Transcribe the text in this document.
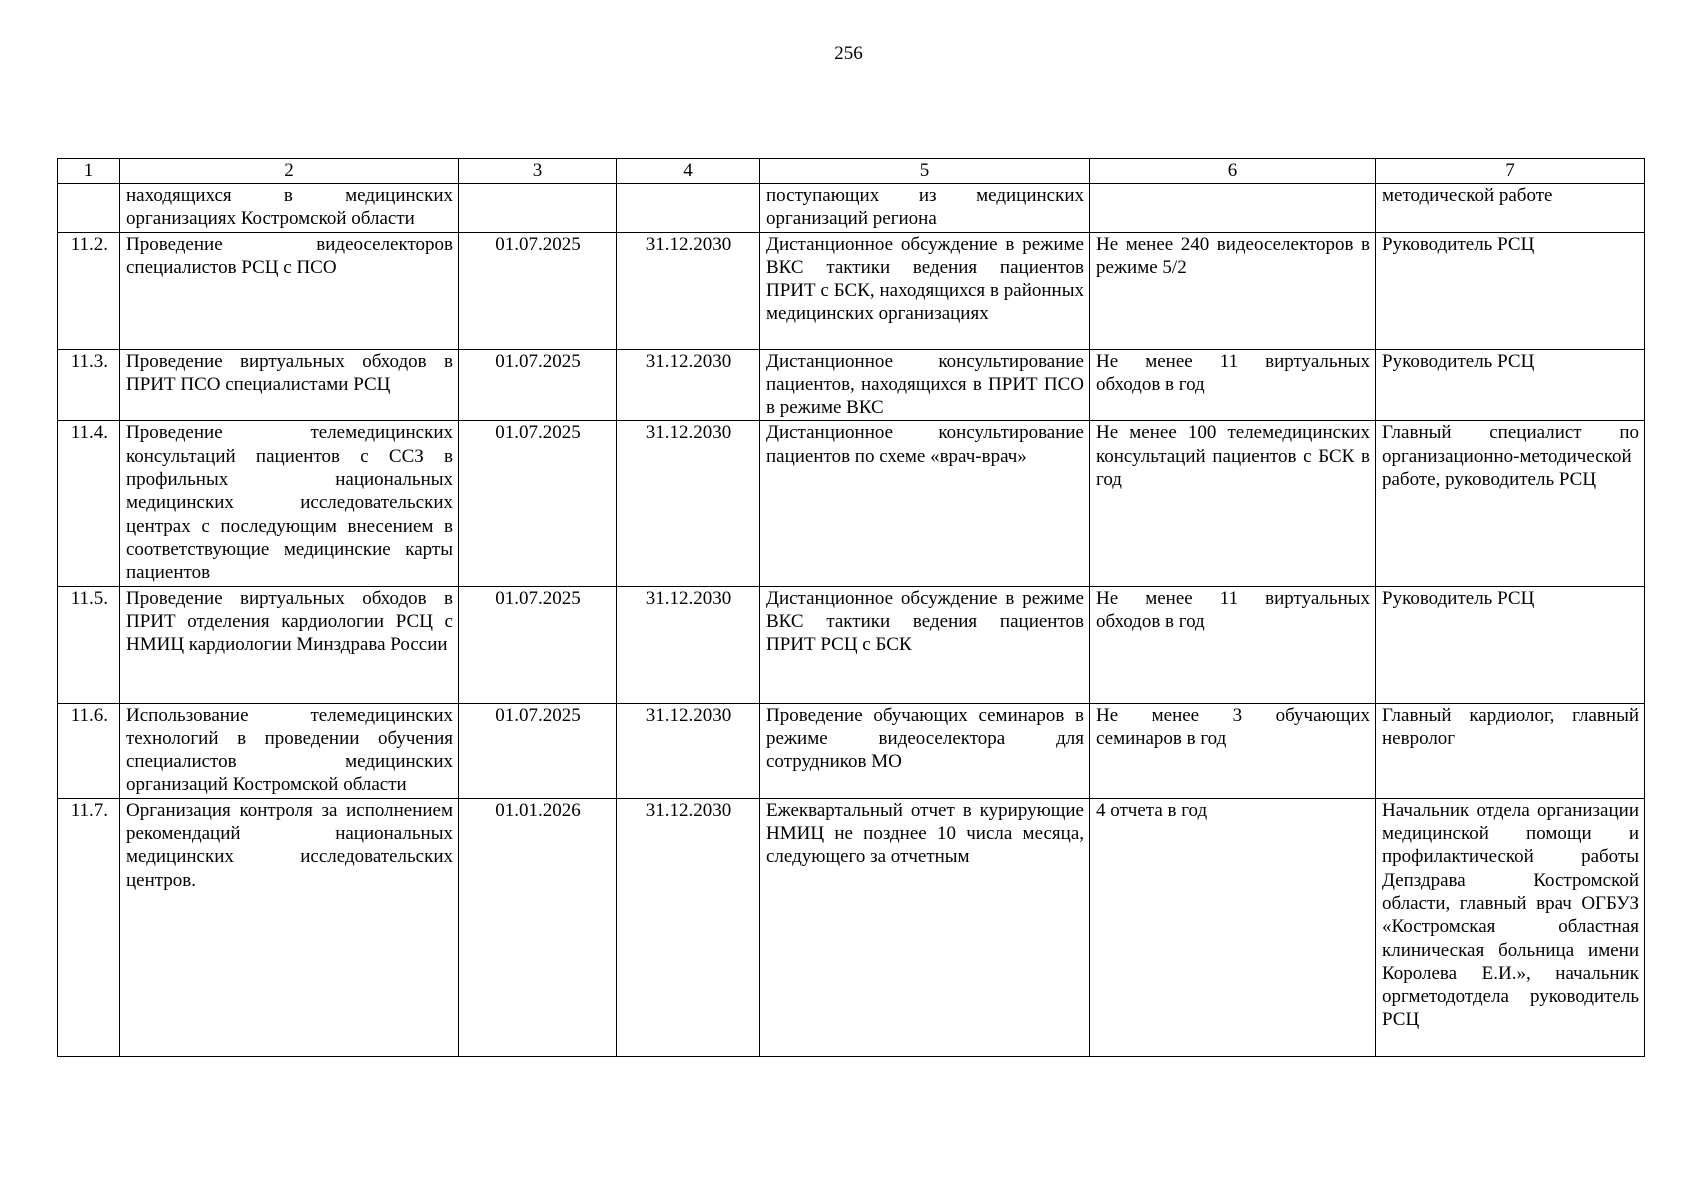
256
1	2	3	4	5	6	7
	находящихся в медицинских организациях Костромской области			поступающих из медицинских организаций региона		методической работе
11.2.	Проведение видеоселекторов специалистов РСЦ с ПСО	01.07.2025	31.12.2030	Дистанционное обсуждение в режиме ВКС тактики ведения пациентов ПРИТ с БСК, находящихся в районных медицинских организациях	Не менее 240 видеоселекторов в режиме 5/2	Руководитель РСЦ
11.3.	Проведение виртуальных обходов в ПРИТ ПСО специалистами РСЦ	01.07.2025	31.12.2030	Дистанционное консультирование пациентов, находящихся в ПРИТ ПСО в режиме ВКС	Не менее 11 виртуальных обходов в год	Руководитель РСЦ
11.4.	Проведение телемедицинских консультаций пациентов с ССЗ в профильных национальных медицинских исследовательских центрах с последующим внесением в соответствующие медицинские карты пациентов	01.07.2025	31.12.2030	Дистанционное консультирование пациентов по схеме «врач-врач»	Не менее 100 телемедицинских консультаций пациентов с БСК в год	Главный специалист по организационно-методической работе, руководитель РСЦ
11.5.	Проведение виртуальных обходов в ПРИТ отделения кардиологии РСЦ с НМИЦ кардиологии Минздрава России	01.07.2025	31.12.2030	Дистанционное обсуждение в режиме ВКС тактики ведения пациентов ПРИТ РСЦ с БСК	Не менее 11 виртуальных обходов в год	Руководитель РСЦ
11.6.	Использование телемедицинских технологий в проведении обучения специалистов медицинских организаций Костромской области	01.07.2025	31.12.2030	Проведение обучающих семинаров в режиме видеоселектора для сотрудников МО	Не менее 3 обучающих семинаров в год	Главный кардиолог, главный невролог
11.7.	Организация контроля за исполнением рекомендаций национальных медицинских исследовательских центров.	01.01.2026	31.12.2030	Ежеквартальный отчет в курирующие НМИЦ не позднее 10 числа месяца, следующего за отчетным	4 отчета в год	Начальник отдела организации медицинской помощи и профилактической работы Депздрава Костромской области, главный врач ОГБУЗ «Костромская областная клиническая больница имени Королева Е.И.», начальник оргметодотдела руководитель РСЦ
